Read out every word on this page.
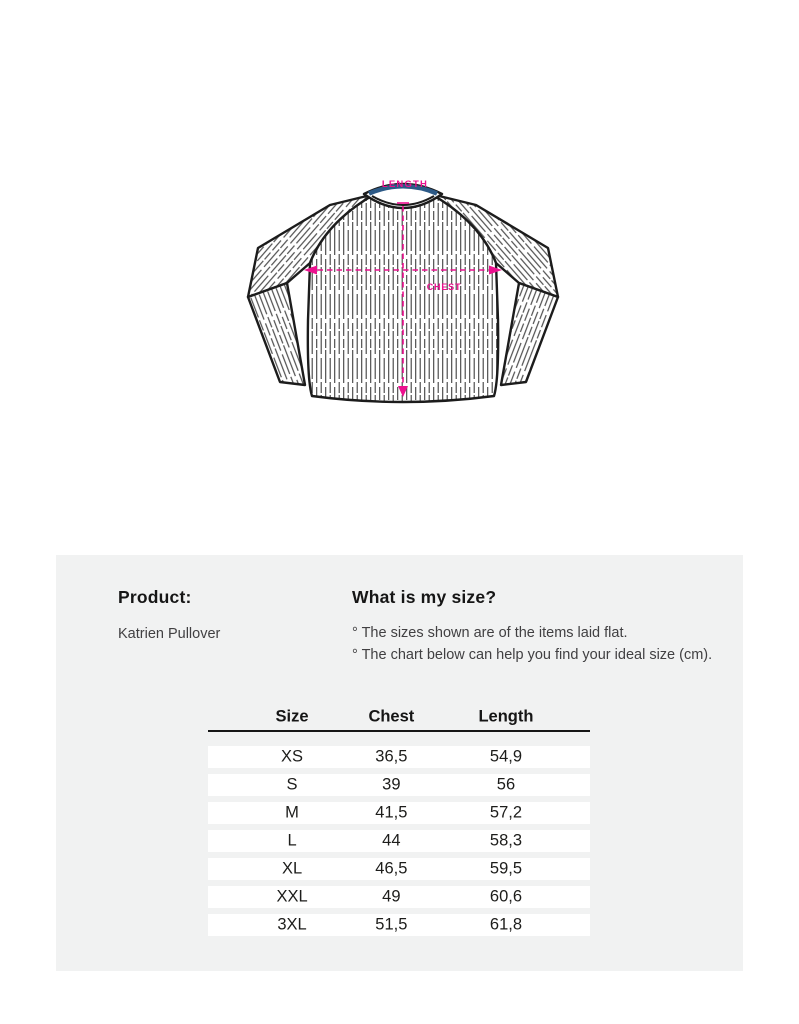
LENGTH
CHEST
Product:
Katrien Pullover
What is my size?

° The sizes shown are of the items laid flat.

° The chart below can help you find your ideal size (cm).

Size	Chest	Length
XS	36,5	54,9
S	39	56
M	41,5	57,2
L	44	58,3
XL	46,5	59,5
XXL	49	60,6
3XL	51,5	61,8
